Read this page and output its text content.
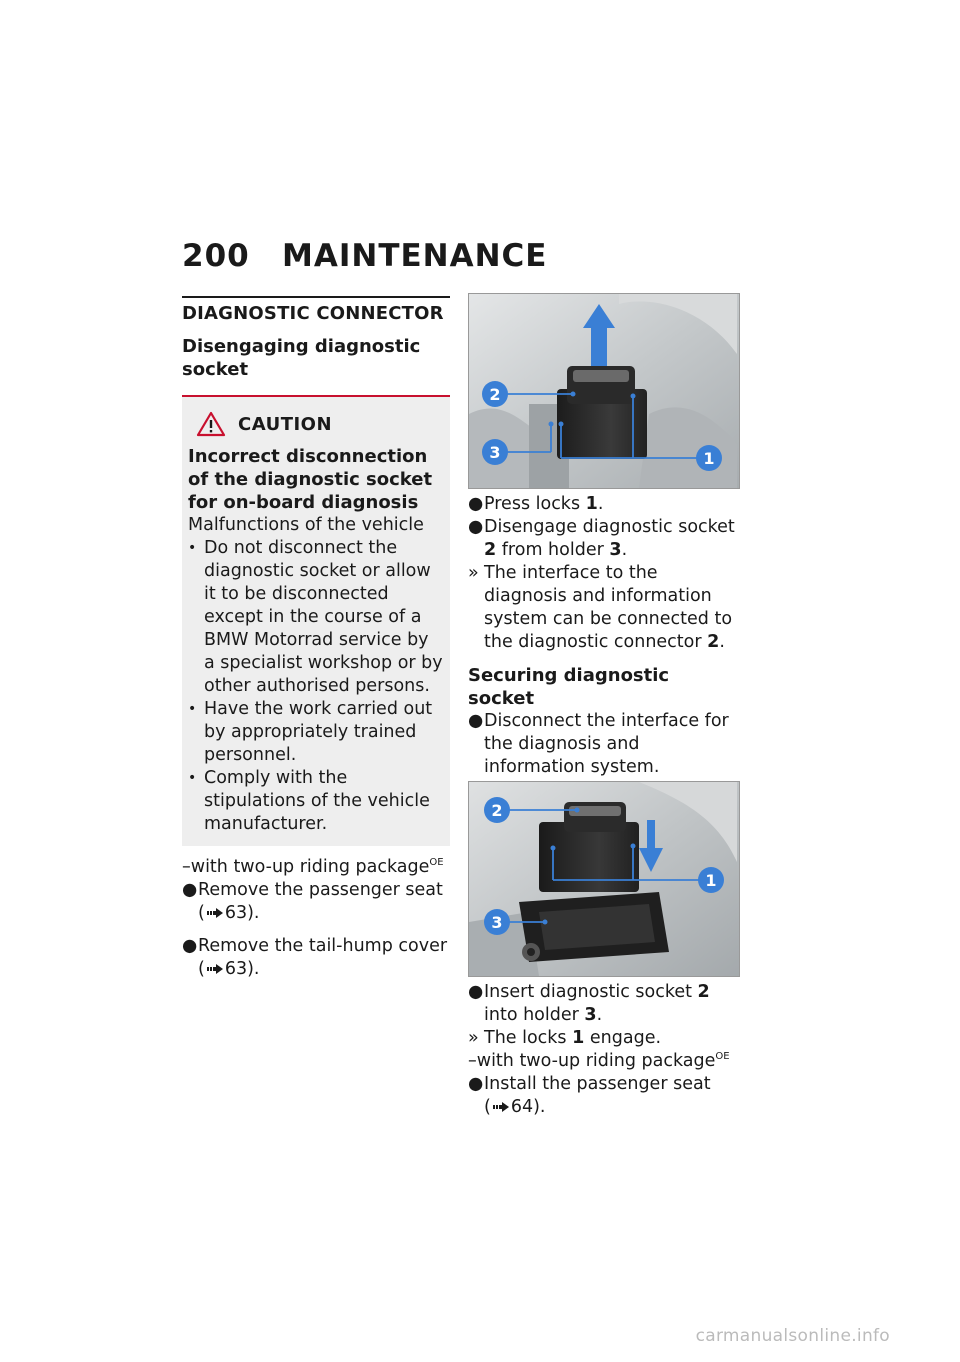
200 MAINTENANCE
DIAGNOSTIC CONNECTOR
Disengaging diagnostic socket
CAUTION
Incorrect disconnection of the diagnostic socket for on-board diagnosis
Malfunctions of the vehicle
• Do not disconnect the diagnostic socket or allow it to be disconnected except in the course of a BMW Motorrad service by a specialist workshop or by other authorised persons.
• Have the work carried out by appropriately trained personnel.
• Comply with the stipulations of the vehicle manufacturer.
–with two-up riding package$^{OE}$
● Remove the passenger seat
( 63).
● Remove the tail-hump cover
( 63).
2
3	1
● Press locks 1.
● Disengage diagnostic socket 2 from holder 3.
» The interface to the diagnosis and information system can be connected to the diagnostic connector 2.
Securing diagnostic socket
● Disconnect the interface for the diagnosis and information system.
2
1
3
● Insert diagnostic socket 2 into holder 3.
» The locks 1 engage.
–with two-up riding package$^{OE}$
● Install the passenger seat
( 64).
carmanualsonline.info
